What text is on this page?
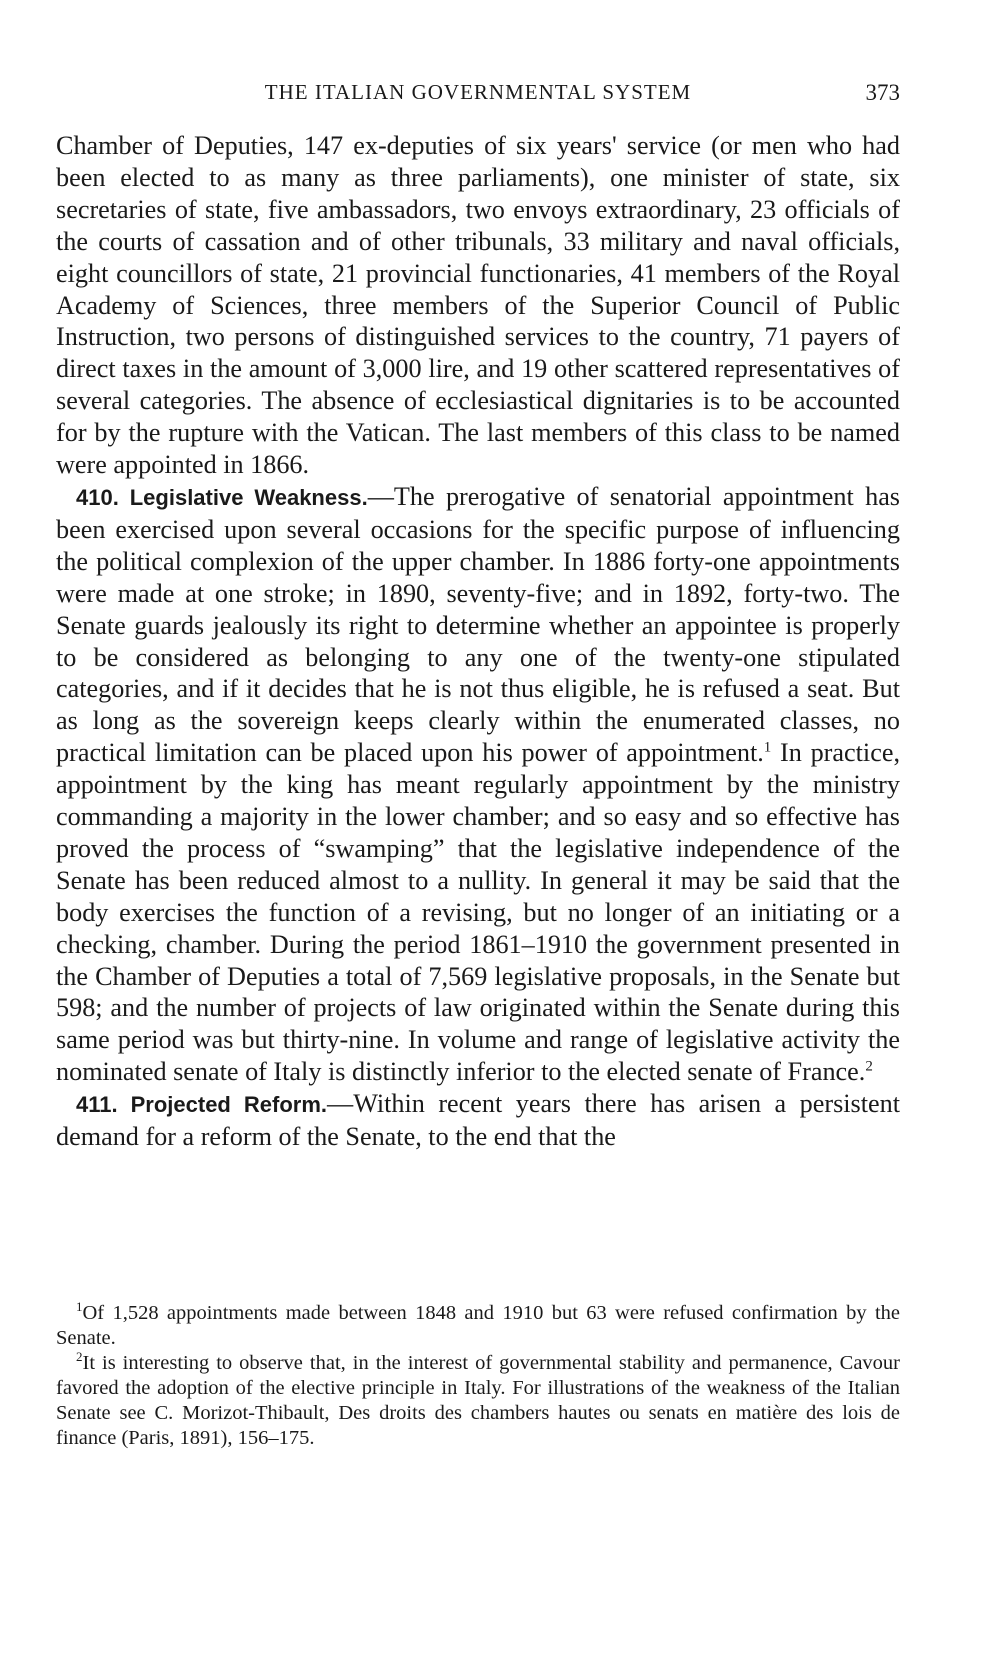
THE ITALIAN GOVERNMENTAL SYSTEM	373

Chamber of Deputies, 147 ex-deputies of six years' service (or men who had been elected to as many as three parliaments), one minister of state, six secretaries of state, five ambassadors, two envoys extraordinary, 23 officials of the courts of cassation and of other tribunals, 33 military and naval officials, eight councillors of state, 21 provincial functionaries, 41 members of the Royal Academy of Sciences, three members of the Superior Council of Public Instruction, two persons of distinguished services to the country, 71 payers of direct taxes in the amount of 3,000 lire, and 19 other scattered representatives of several categories. The absence of ecclesiastical dignitaries is to be accounted for by the rupture with the Vatican. The last members of this class to be named were appointed in 1866.

410. Legislative Weakness.—The prerogative of senatorial appointment has been exercised upon several occasions for the specific purpose of influencing the political complexion of the upper chamber. In 1886 forty-one appointments were made at one stroke; in 1890, seventy-five; and in 1892, forty-two. The Senate guards jealously its right to determine whether an appointee is properly to be considered as belonging to any one of the twenty-one stipulated categories, and if it decides that he is not thus eligible, he is refused a seat. But as long as the sovereign keeps clearly within the enumerated classes, no practical limitation can be placed upon his power of appointment.$^1$ In practice, appointment by the king has meant regularly appointment by the ministry commanding a majority in the lower chamber; and so easy and so effective has proved the process of “swamping” that the legislative independence of the Senate has been reduced almost to a nullity. In general it may be said that the body exercises the function of a revising, but no longer of an initiating or a checking, chamber. During the period 1861–1910 the government presented in the Chamber of Deputies a total of 7,569 legislative proposals, in the Senate but 598; and the number of projects of law originated within the Senate during this same period was but thirty-nine. In volume and range of legislative activity the nominated senate of Italy is distinctly inferior to the elected senate of France.$^2$

411. Projected Reform.—Within recent years there has arisen a persistent demand for a reform of the Senate, to the end that the

$^1$Of 1,528 appointments made between 1848 and 1910 but 63 were refused confirmation by the Senate.

$^2$It is interesting to observe that, in the interest of governmental stability and permanence, Cavour favored the adoption of the elective principle in Italy. For illustrations of the weakness of the Italian Senate see C. Morizot-Thibault, Des droits des chambers hautes ou senats en matière des lois de finance (Paris, 1891), 156–175.
